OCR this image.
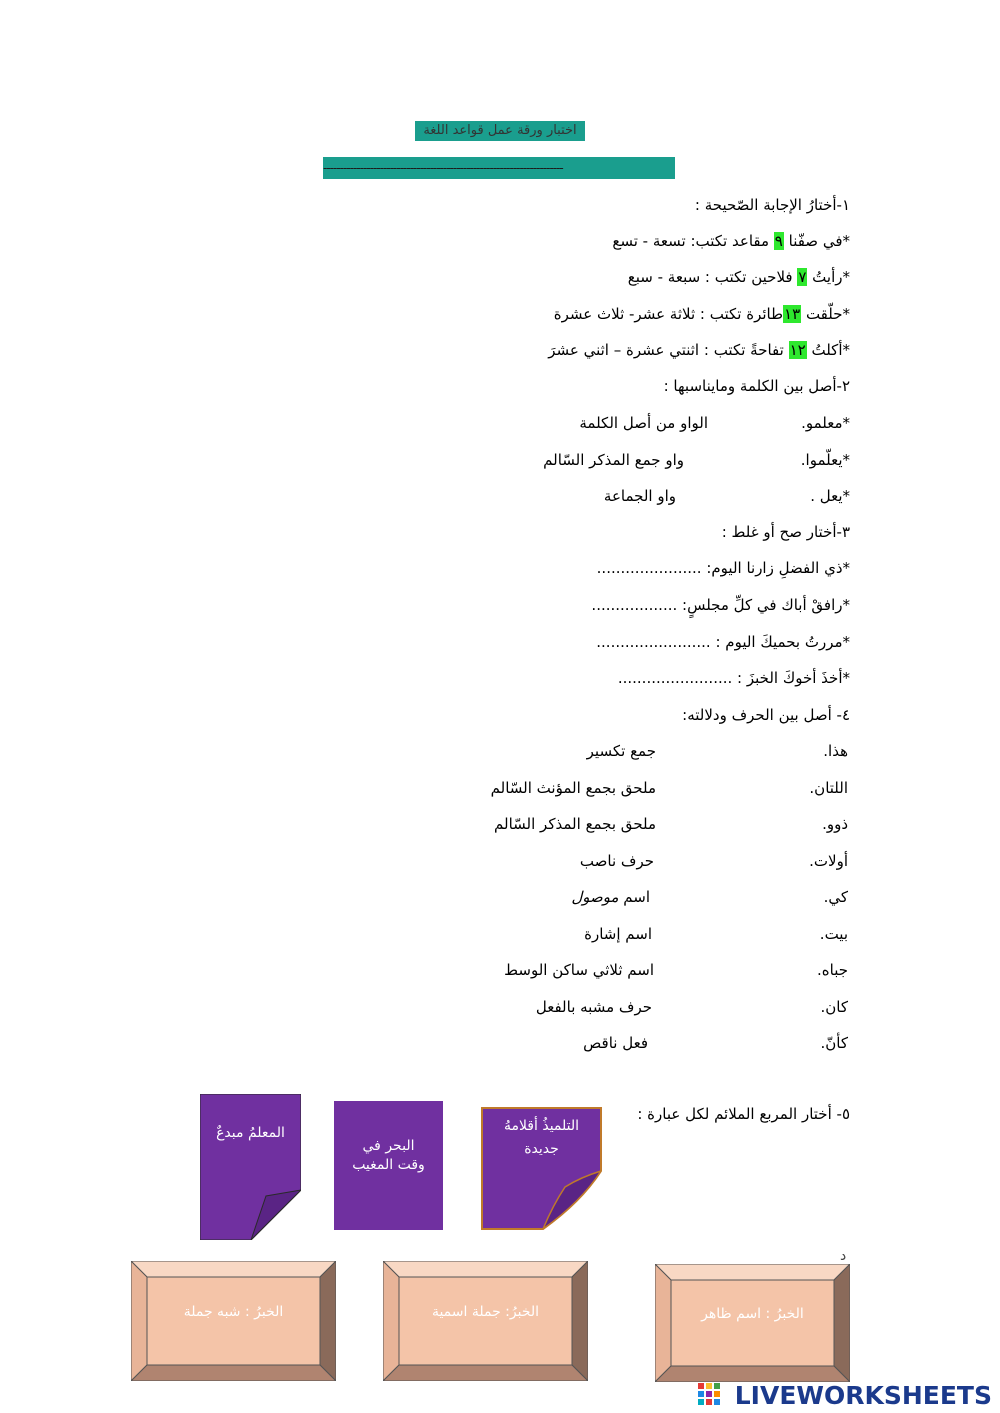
اختبار ورقة عمل قواعد اللغة
------------------------------------------------------------------------
١-أختارُ الإجابة الصّحيحة :
*في صفّنا ٩ مقاعد تكتب: تسعة - تسع
*رأيتُ ٧ فلاحين تكتب : سبعة - سبع
*حلّقت ١٣طائرة تكتب : ثلاثة عشر- ثلاث عشرة
*أكلتُ ١٢ تفاحةً تكتب : اثنتي عشرة – اثني عشرَ
٢-أصل بين الكلمة ومايناسبها :
*معلمو.
الواو من أصل الكلمة
*يعلّموا.
واو جمع المذكر السّالم
*يعل .
واو الجماعة
٣-أختار صح أو غلط :
*ذي الفضلِ زارنا اليوم: ......................
*رافقْ أباك في كلِّ مجلسٍ: ..................
*مررتُ بحميكَ اليوم : ........................
*أخذَ أخوكَ الخبزَ : ........................
٤- أصل بين الحرف ودلالته:
هذا.
جمع تكسير
اللتان.
ملحق بجمع المؤنث السّالم
ذوو.
ملحق بجمع المذكر السّالم
أولات.
حرف ناصب
كي.
اسم موصول
بيت.
اسم إشارة
جباه.
اسم ثلاثي ساكن الوسط
كان.
حرف مشبه بالفعل
كأنّ.
فعل ناقص
٥- أختار المربع الملائم لكل عبارة :
المعلمُ مبدعٌ
البحر في
وقت المغيب
التلميذُ أقلامهُ
جديدة
د
الخبرُ : شبه جملة	الخبرُ: جملة اسمية	الخبرُ : اسم ظاهر
LIVEWORKSHEETS
